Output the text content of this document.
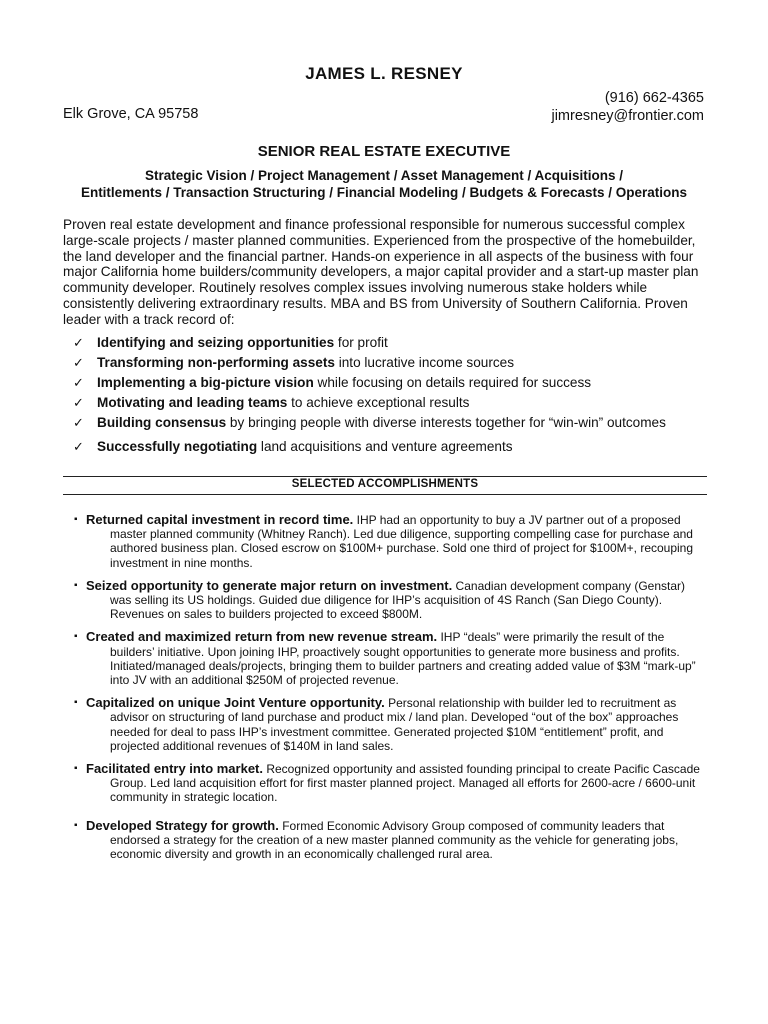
JAMES L. RESNEY
Elk Grove, CA 95758
(916) 662-4365
jimresney@frontier.com
SENIOR REAL ESTATE EXECUTIVE
Strategic Vision / Project Management / Asset Management / Acquisitions /
Entitlements / Transaction Structuring / Financial Modeling / Budgets & Forecasts / Operations

Proven real estate development and finance professional responsible for numerous successful complex large-scale projects / master planned communities. Experienced from the prospective of the homebuilder, the land developer and the financial partner. Hands-on experience in all aspects of the business with four major California home builders/community developers, a major capital provider and a start-up master plan community developer. Routinely resolves complex issues involving numerous stake holders while consistently delivering extraordinary results. MBA and BS from University of Southern California. Proven leader with a track record of:

✓ Identifying and seizing opportunities for profit
✓ Transforming non-performing assets into lucrative income sources
✓ Implementing a big-picture vision while focusing on details required for success
✓ Motivating and leading teams to achieve exceptional results
✓ Building consensus by bringing people with diverse interests together for “win-win” outcomes
✓ Successfully negotiating land acquisitions and venture agreements
SELECTED ACCOMPLISHMENTS
▪ Returned capital investment in record time. IHP had an opportunity to buy a JV partner out of a proposed master planned community (Whitney Ranch). Led due diligence, supporting compelling case for purchase and authored business plan. Closed escrow on $100M+ purchase. Sold one third of project for $100M+, recouping investment in nine months.
▪ Seized opportunity to generate major return on investment. Canadian development company (Genstar) was selling its US holdings. Guided due diligence for IHP’s acquisition of 4S Ranch (San Diego County). Revenues on sales to builders projected to exceed $800M.
▪ Created and maximized return from new revenue stream. IHP “deals” were primarily the result of the builders’ initiative. Upon joining IHP, proactively sought opportunities to generate more business and profits. Initiated/managed deals/projects, bringing them to builder partners and creating added value of $3M “mark-up” into JV with an additional $250M of projected revenue.
▪ Capitalized on unique Joint Venture opportunity. Personal relationship with builder led to recruitment as advisor on structuring of land purchase and product mix / land plan. Developed “out of the box” approaches needed for deal to pass IHP’s investment committee. Generated projected $10M “entitlement” profit, and projected additional revenues of $140M in land sales.
▪ Facilitated entry into market. Recognized opportunity and assisted founding principal to create Pacific Cascade Group. Led land acquisition effort for first master planned project. Managed all efforts for 2600-acre / 6600-unit community in strategic location.
▪ Developed Strategy for growth. Formed Economic Advisory Group composed of community leaders that endorsed a strategy for the creation of a new master planned community as the vehicle for generating jobs, economic diversity and growth in an economically challenged rural area.
